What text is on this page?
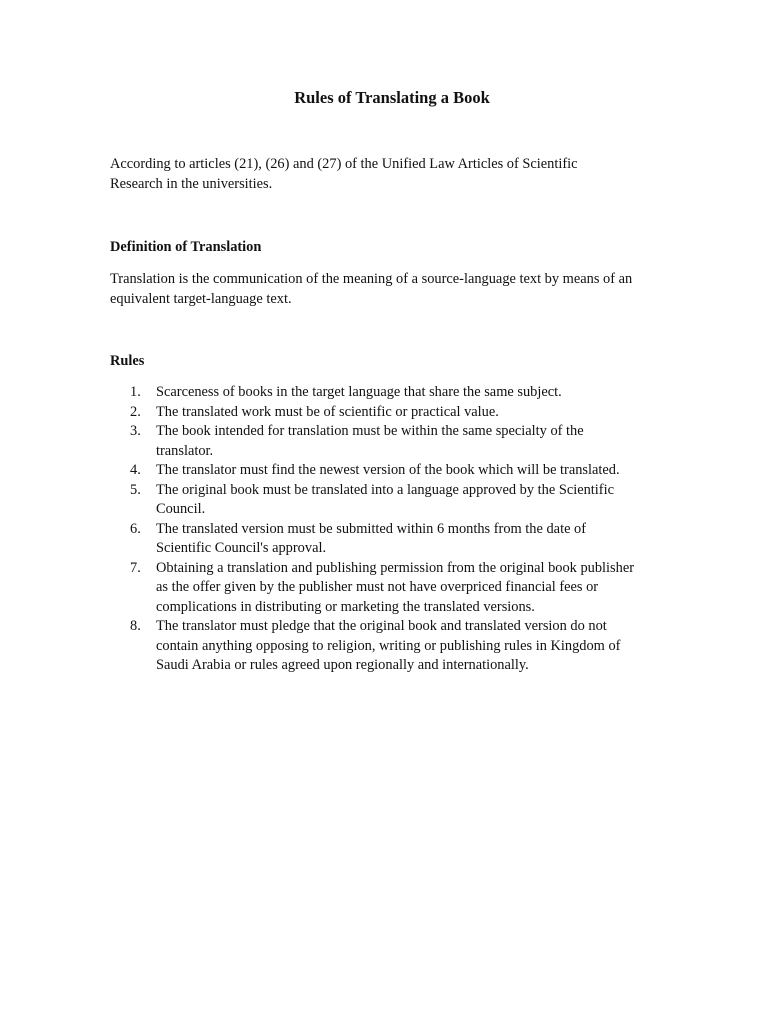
Rules of Translating a Book

According to articles (21), (26) and (27) of the Unified Law Articles of Scientific
Research in the universities.

Definition of Translation

Translation is the communication of the meaning of a source-language text by means of an
equivalent target-language text.

Rules

1.	Scarceness of books in the target language that share the same subject.
2.	The translated work must be of scientific or practical value.
3.	The book intended for translation must be within the same specialty of the
translator.
4.	The translator must find the newest version of the book which will be translated.
5.	The original book must be translated into a language approved by the Scientific
Council.
6.	The translated version must be submitted within 6 months from the date of
Scientific Council's approval.
7.	Obtaining a translation and publishing permission from the original book publisher
as the offer given by the publisher must not have overpriced financial fees or
complications in distributing or marketing the translated versions.
8.	The translator must pledge that the original book and translated version do not
contain anything opposing to religion, writing or publishing rules in Kingdom of
Saudi Arabia or rules agreed upon regionally and internationally.
